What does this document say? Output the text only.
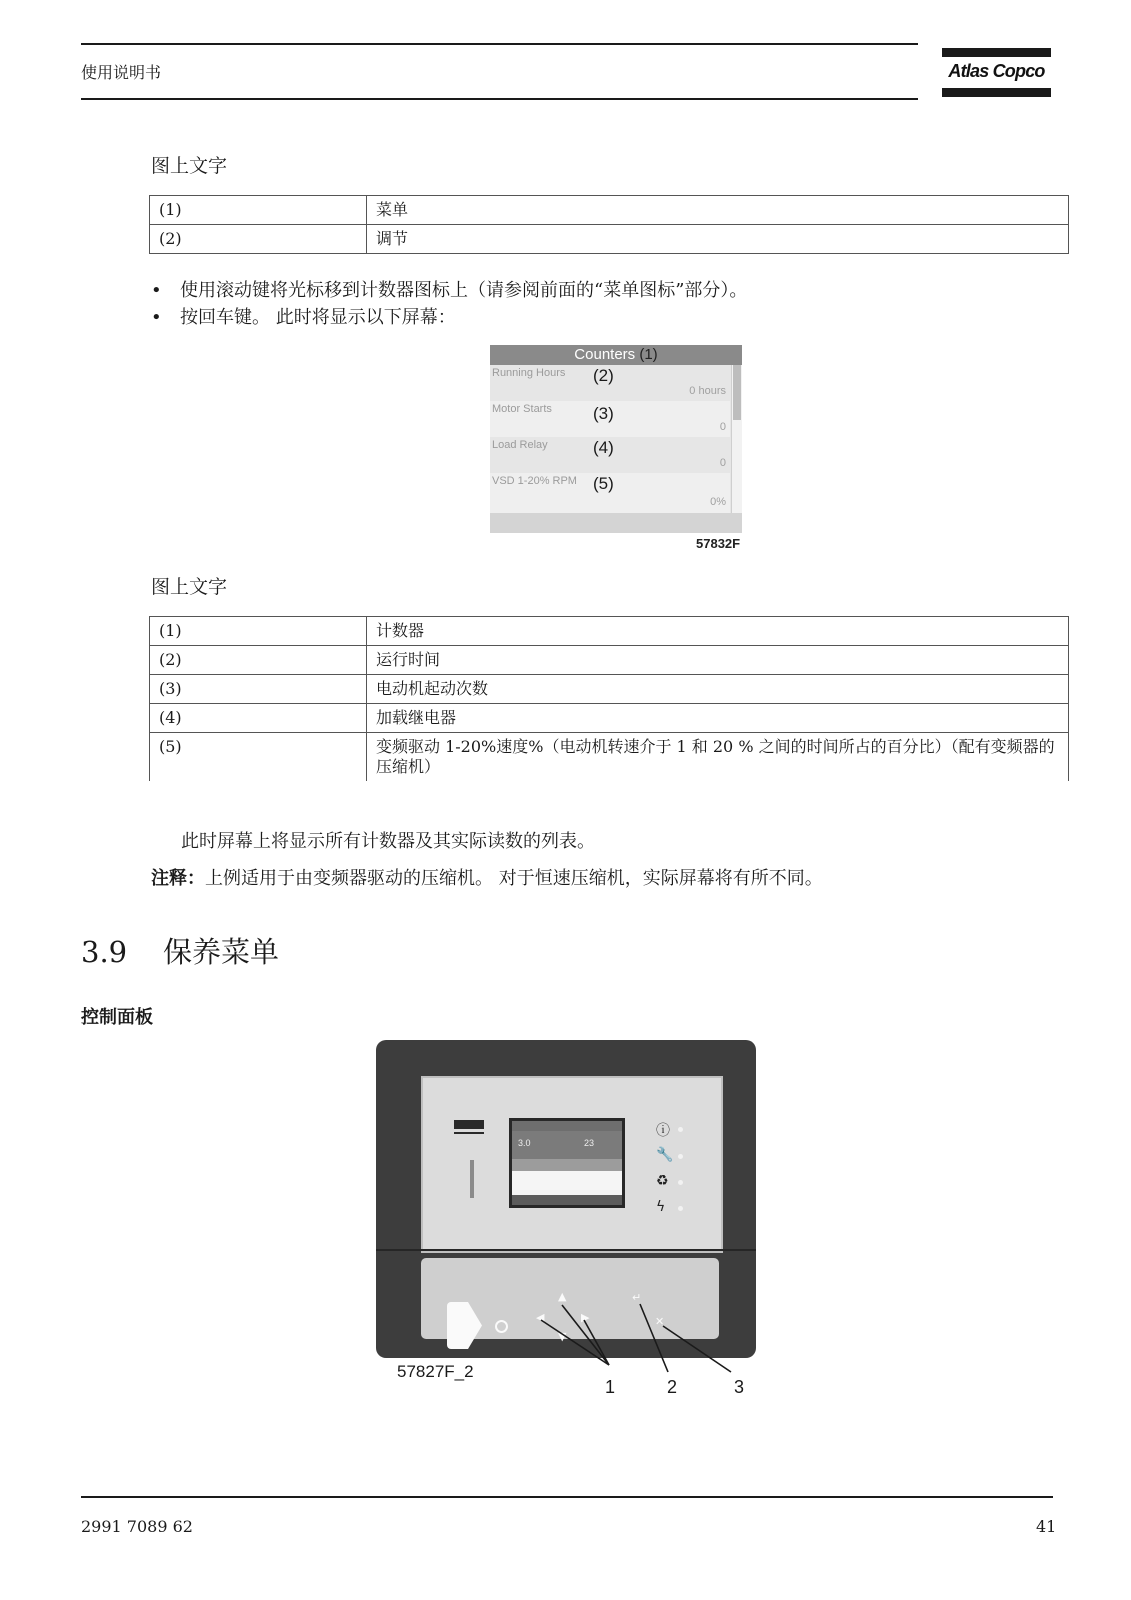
使用说明书	Atlas Copco
图上文字
(1)	菜单
(2)	调节
• 使用滚动键将光标移到计数器图标上（请参阅前面的“菜单图标”部分）。
• 按回车键。 此时将显示以下屏幕：
Counters (1)
Running Hours (2)
0 hours
Motor Starts (3)
0
Load Relay	(4)
0
VSD 1-20% RPM (5)
0%
57832F
图上文字
(1)	计数器
(2)	运行时间
(3)	电动机起动次数
(4)	加载继电器
(5)	变频驱动 1-20%速度%（电动机转速介于 1 和 20 % 之间的时间所占的百分比）（配有变频器的压缩机）
此时屏幕上将显示所有计数器及其实际读数的列表。
注释：上例适用于由变频器驱动的压缩机。 对于恒速压缩机，实际屏幕将有所不同。
3.9 保养菜单
控制面板
3.0	23
ⓘ
🔧
♻
ϟ
◀
▲
▼
▶
↵
✕
57827F_2
1	2	3
2991 7089 62	41
